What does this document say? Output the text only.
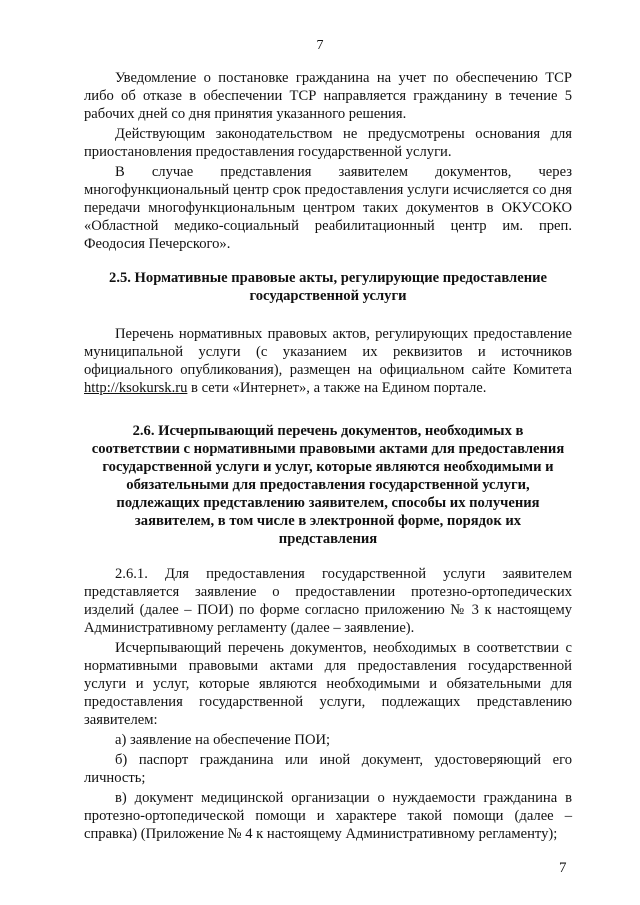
7

Уведомление о постановке гражданина на учет по обеспечению ТСР либо об отказе в обеспечении ТСР направляется гражданину в течение 5 рабочих дней со дня принятия указанного решения.

Действующим законодательством не предусмотрены основания для приостановления предоставления государственной услуги.

В случае представления заявителем документов, через многофункциональный центр срок предоставления услуги исчисляется со дня передачи многофункциональным центром таких документов в ОКУСОКО «Областной медико-социальный реабилитационный центр им. преп. Феодосия Печерского».

2.5. Нормативные правовые акты, регулирующие предоставление государственной услуги

Перечень нормативных правовых актов, регулирующих предоставление муниципальной услуги (с указанием их реквизитов и источников официального опубликования), размещен на официальном сайте Комитета http://ksokursk.ru в сети «Интернет», а также на Едином портале.

2.6. Исчерпывающий перечень документов, необходимых в соответствии с нормативными правовыми актами для предоставления государственной услуги и услуг, которые являются необходимыми и обязательными для предоставления государственной услуги, подлежащих представлению заявителем, способы их получения заявителем, в том числе в электронной форме, порядок их представления

2.6.1. Для предоставления государственной услуги заявителем представляется заявление о предоставлении протезно-ортопедических изделий (далее – ПОИ) по форме согласно приложению № 3 к настоящему Административному регламенту (далее – заявление).

Исчерпывающий перечень документов, необходимых в соответствии с нормативными правовыми актами для предоставления государственной услуги и услуг, которые являются необходимыми и обязательными для предоставления государственной услуги, подлежащих представлению заявителем:

а) заявление на обеспечение ПОИ;

б) паспорт гражданина или иной документ, удостоверяющий его личность;

в) документ медицинской организации о нуждаемости гражданина в протезно-ортопедической помощи и характере такой помощи (далее – справка) (Приложение № 4 к настоящему Административному регламенту);

7
